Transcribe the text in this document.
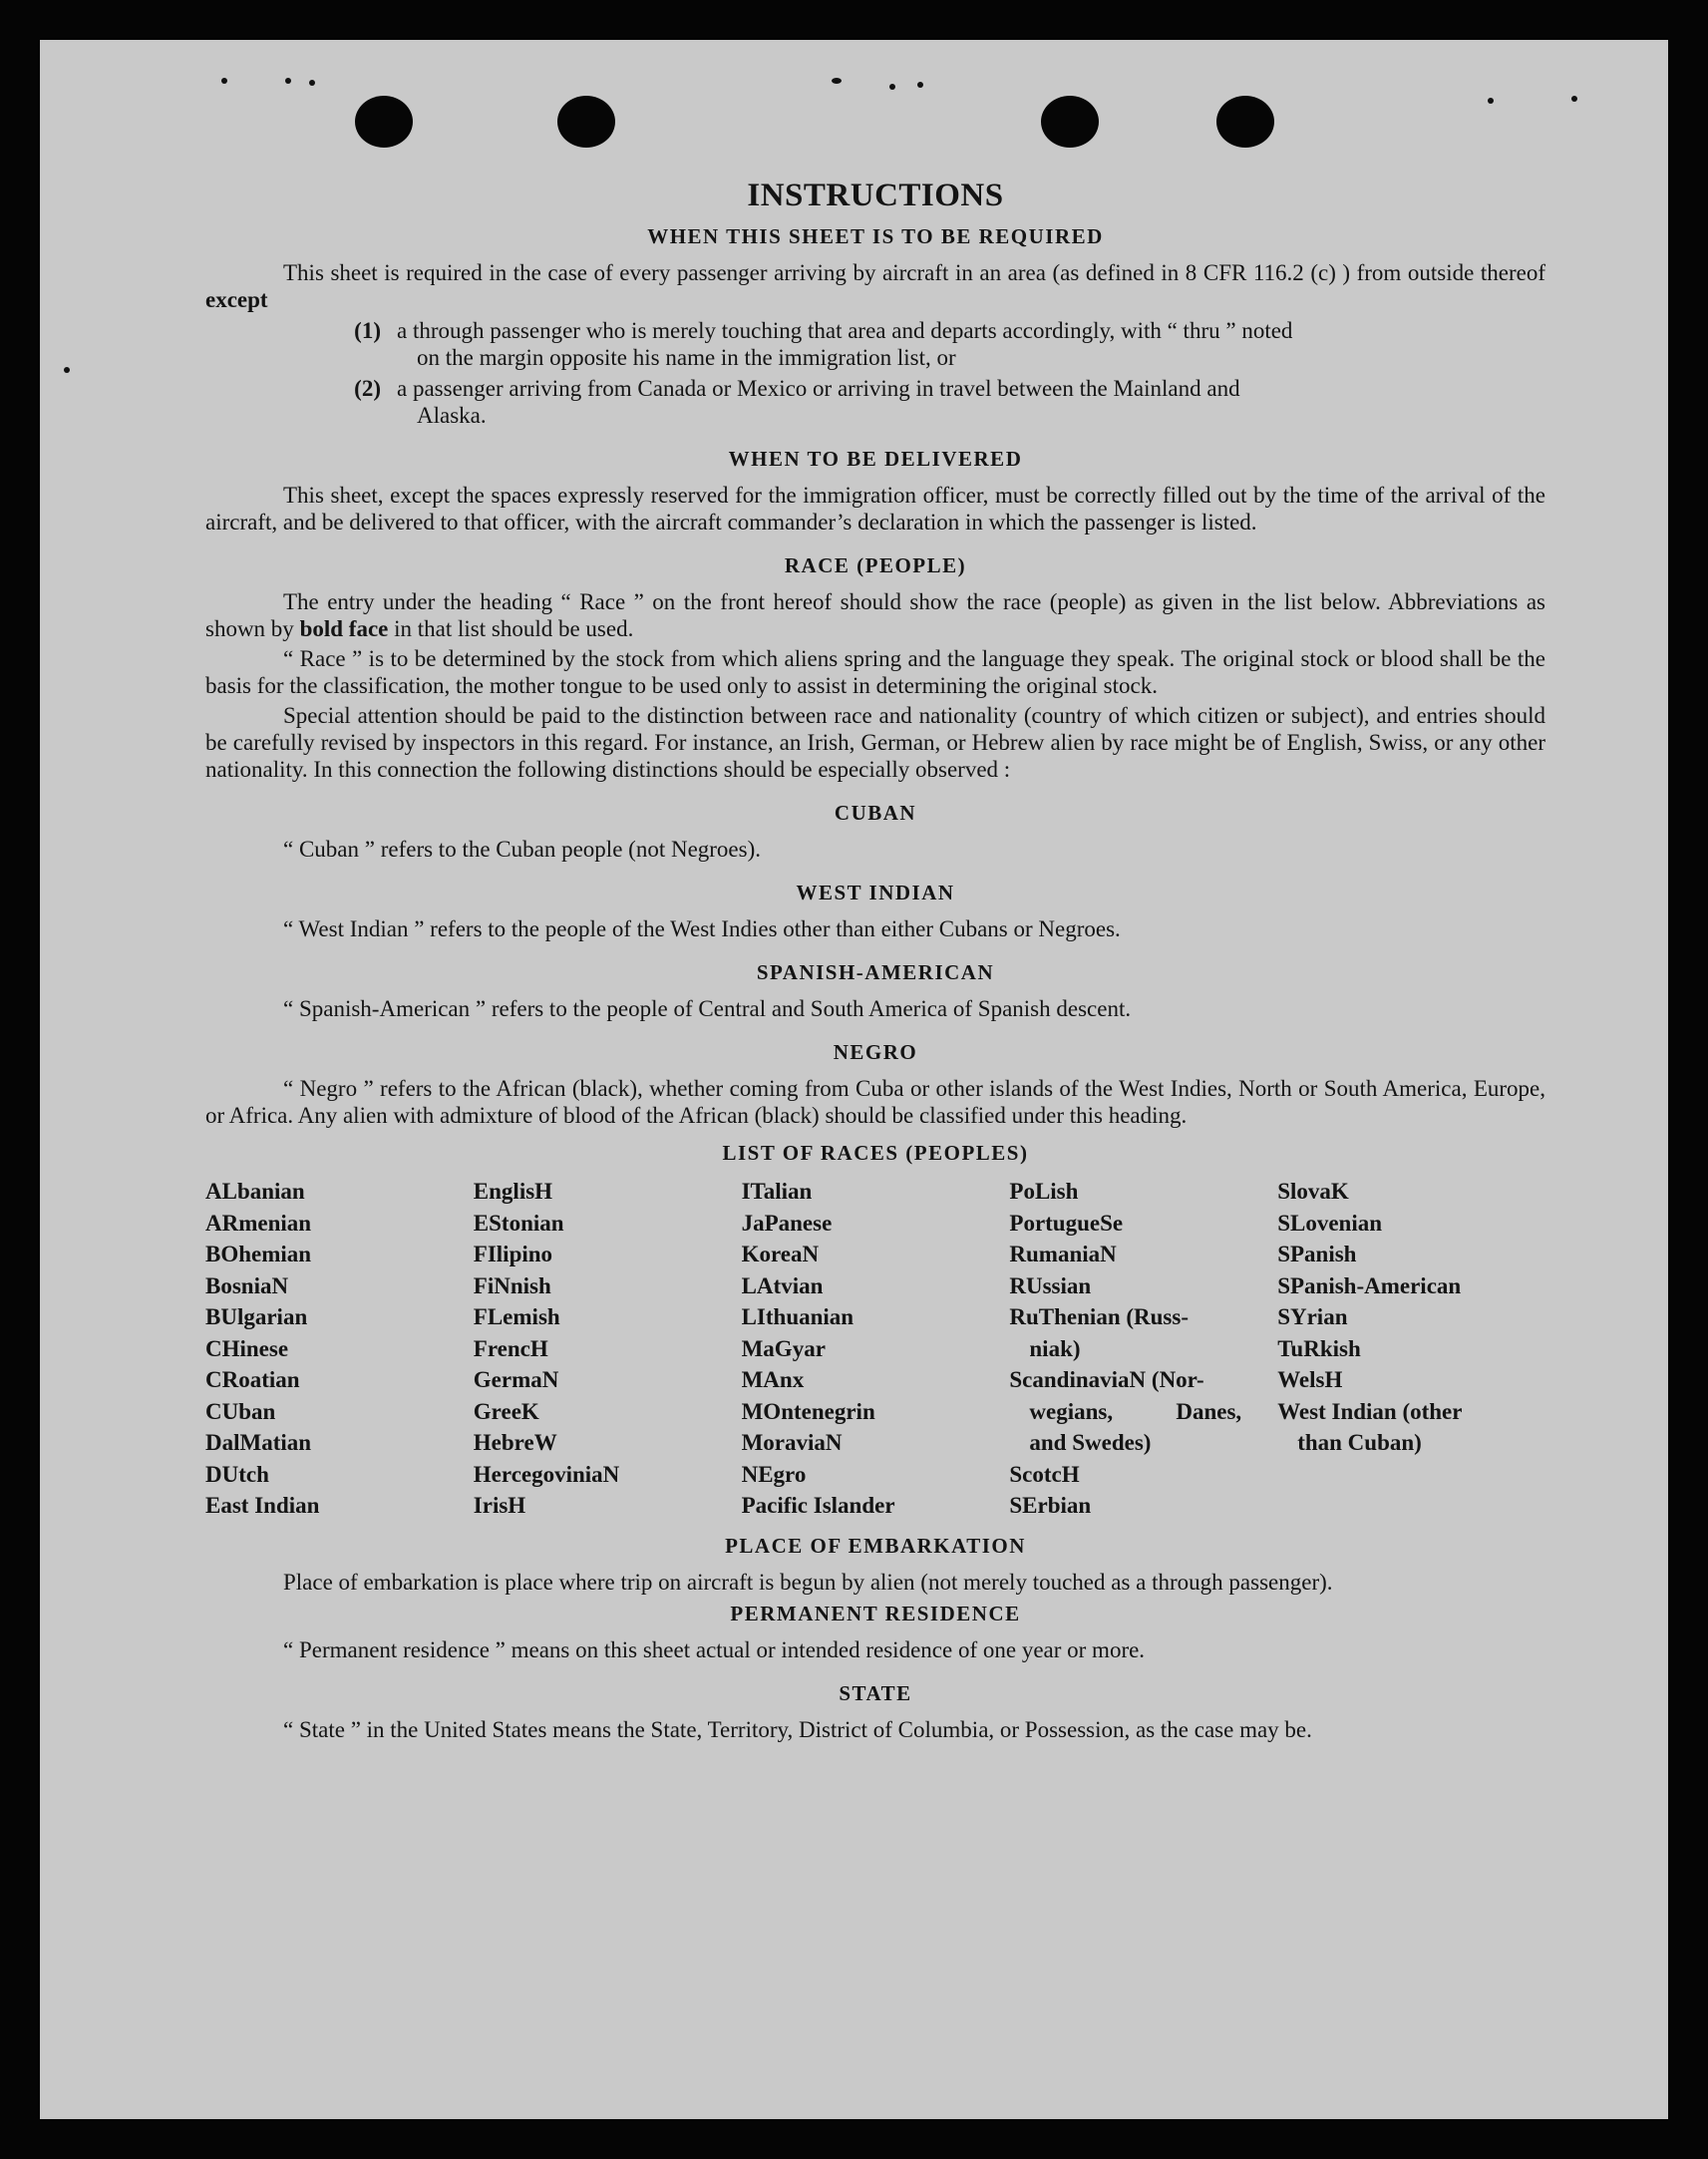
INSTRUCTIONS
WHEN THIS SHEET IS TO BE REQUIRED

This sheet is required in the case of every passenger arriving by aircraft in an area (as defined in 8 CFR 116.2 (c) ) from outside thereof except

(1) a through passenger who is merely touching that area and departs accordingly, with “ thru ” noted
on the margin opposite his name in the immigration list, or
(2) a passenger arriving from Canada or Mexico or arriving in travel between the Mainland and
Alaska.
WHEN TO BE DELIVERED

This sheet, except the spaces expressly reserved for the immigration officer, must be correctly filled out by the time of the arrival of the aircraft, and be delivered to that officer, with the aircraft commander’s declaration in which the passenger is listed.

RACE (PEOPLE)

The entry under the heading “ Race ” on the front hereof should show the race (people) as given in the list below. Abbreviations as shown by bold face in that list should be used.

“ Race ” is to be determined by the stock from which aliens spring and the language they speak. The original stock or blood shall be the basis for the classification, the mother tongue to be used only to assist in determining the original stock.

Special attention should be paid to the distinction between race and nationality (country of which citizen or subject), and entries should be carefully revised by inspectors in this regard. For instance, an Irish, German, or Hebrew alien by race might be of English, Swiss, or any other nationality. In this connection the following distinctions should be especially observed :

CUBAN

“ Cuban ” refers to the Cuban people (not Negroes).

WEST INDIAN

“ West Indian ” refers to the people of the West Indies other than either Cubans or Negroes.

SPANISH-AMERICAN

“ Spanish-American ” refers to the people of Central and South America of Spanish descent.

NEGRO

“ Negro ” refers to the African (black), whether coming from Cuba or other islands of the West Indies, North or South America, Europe, or Africa. Any alien with admixture of blood of the African (black) should be classified under this heading.

LIST OF RACES (PEOPLES)
ALbanian
ARmenian
BOhemian
BosniaN
BUlgarian
CHinese
CRoatian
CUban
DalMatian
DUtch
East Indian
EnglisH
EStonian
FIlipino
FiNnish
FLemish
FrencH
GermaN
GreeK
HebreW
HercegoviniaN
IrisH
ITalian
JaPanese
KoreaN
LAtvian
LIthuanian
MaGyar
MAnx
MOntenegrin
MoraviaN
NEgro
Pacific Islander
PoLish
PortugueSe
RumaniaN
RUssian
RuThenian (Russ-
niak)
ScandinaviaN (Nor-
wegians, Danes,
and Swedes)
ScotcH
SErbian
SlovaK
SLovenian
SPanish
SPanish-American
SYrian
TuRkish
WelsH
West Indian (other
than Cuban)
PLACE OF EMBARKATION

Place of embarkation is place where trip on aircraft is begun by alien (not merely touched as a through passenger).

PERMANENT RESIDENCE

“ Permanent residence ” means on this sheet actual or intended residence of one year or more.

STATE

“ State ” in the United States means the State, Territory, District of Columbia, or Possession, as the case may be.
